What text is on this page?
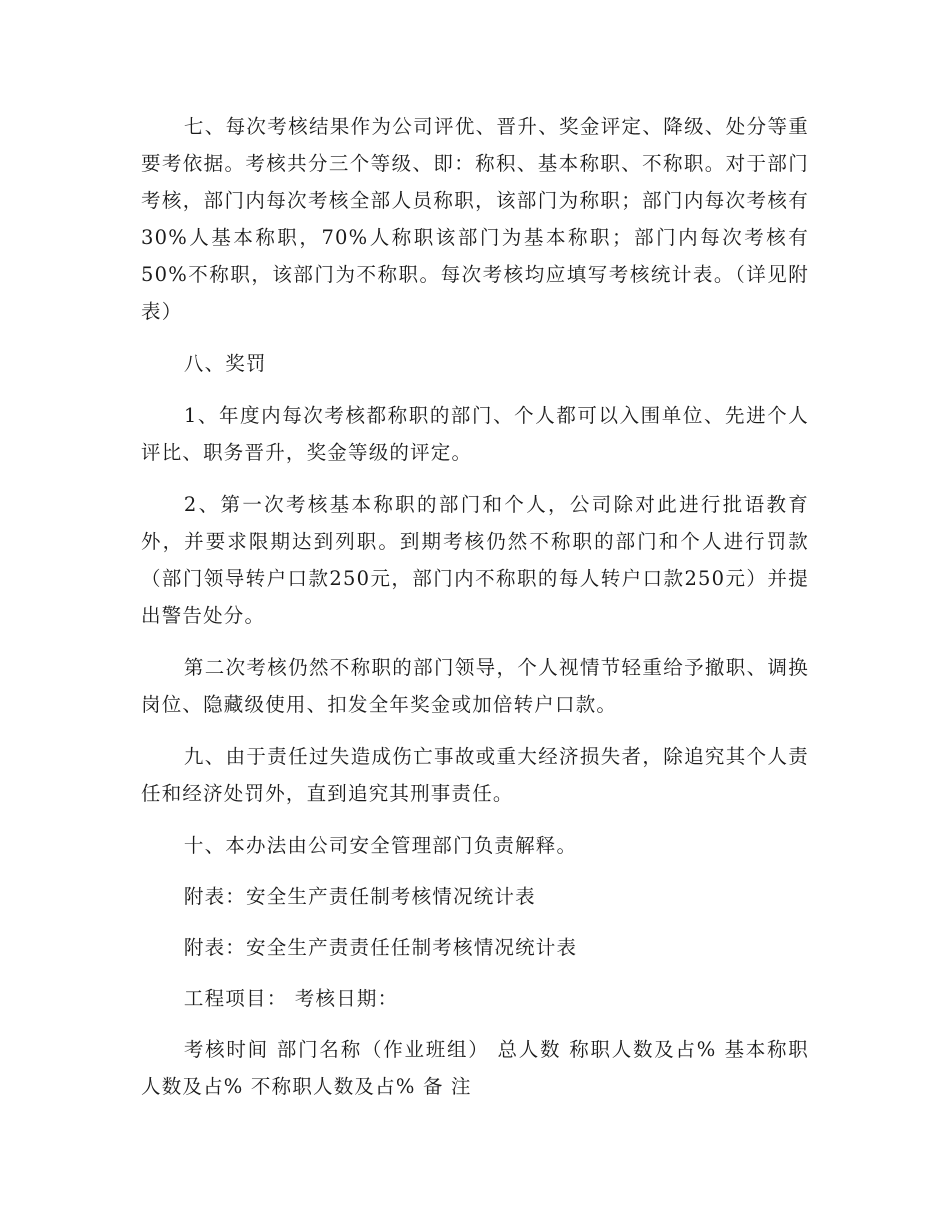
七、每次考核结果作为公司评优、晋升、奖金评定、降级、处分等重要考依据。考核共分三个等级、即：称积、基本称职、不称职。对于部门考核，部门内每次考核全部人员称职，该部门为称职；部门内每次考核有30%人基本称职，70%人称职该部门为基本称职；部门内每次考核有50%不称职，该部门为不称职。每次考核均应填写考核统计表。（详见附表）

八、奖罚

1、年度内每次考核都称职的部门、个人都可以入围单位、先进个人评比、职务晋升，奖金等级的评定。

2、第一次考核基本称职的部门和个人，公司除对此进行批语教育外，并要求限期达到列职。到期考核仍然不称职的部门和个人进行罚款（部门领导转户口款250元，部门内不称职的每人转户口款250元）并提出警告处分。

第二次考核仍然不称职的部门领导，个人视情节轻重给予撤职、调换岗位、隐藏级使用、扣发全年奖金或加倍转户口款。

九、由于责任过失造成伤亡事故或重大经济损失者，除追究其个人责任和经济处罚外，直到追究其刑事责任。

十、本办法由公司安全管理部门负责解释。

附表：安全生产责任制考核情况统计表

附表：安全生产责责任任制考核情况统计表

工程项目： 考核日期：

考核时间 部门名称（作业班组） 总人数 称职人数及占% 基本称职人数及占% 不称职人数及占% 备 注
